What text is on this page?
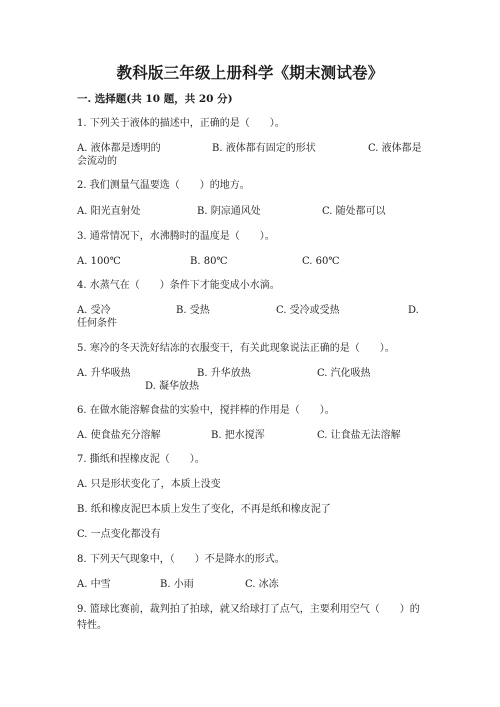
教科版三年级上册科学《期末测试卷》
一. 选择题(共 10 题，共 20 分)
1. 下列关于液体的描述中，正确的是（　　）。
A. 液体都是透明的	B. 液体都有固定的形状	C. 液体都是
会流动的
2. 我们测量气温要选（　　）的地方。
A. 阳光直射处	B. 阴凉通风处	C. 随处都可以
3. 通常情况下，水沸腾时的温度是（　　）。
A. 100℃	B. 80℃	C. 60℃
4. 水蒸气在（　　）条件下才能变成小水滴。
A. 受冷	B. 受热	C. 受冷或受热	D.
任何条件
5. 寒冷的冬天洗好结冻的衣服变干，有关此现象说法正确的是（　　）。
A. 升华吸热	B. 升华放热	C. 汽化吸热
D. 凝华放热
6. 在做水能溶解食盐的实验中，搅拌棒的作用是（　　）。
A. 使食盐充分溶解	B. 把水搅浑	C. 让食盐无法溶解
7. 撕纸和捏橡皮泥（　　）。
A. 只是形状变化了，本质上没变
B. 纸和橡皮泥巴本质上发生了变化，不再是纸和橡皮泥了
C. 一点变化都没有
8. 下列天气现象中，（　　）不是降水的形式。
A. 中雪	B. 小雨	C. 冰冻
9. 篮球比赛前，裁判拍了拍球，就又给球打了点气，主要利用空气（　　）的特性。
